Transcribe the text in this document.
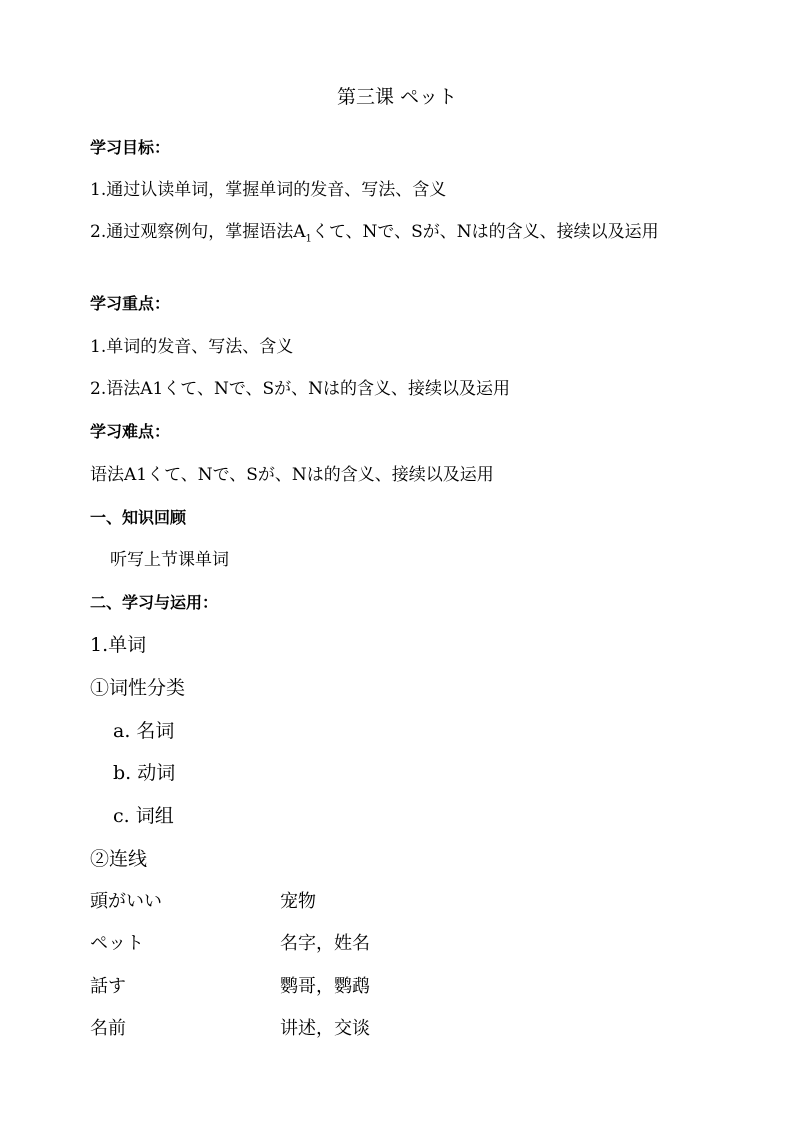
第三课 ペット
学习目标：
1.通过认读单词，掌握单词的发音、写法、含义
2.通过观察例句，掌握语法$A_1$くて、Nで、Sが、Nは的含义、接续以及运用
学习重点：
1.单词的发音、写法、含义
2.语法A1くて、Nで、Sが、Nは的含义、接续以及运用
学习难点：
语法A1くて、Nで、Sが、Nは的含义、接续以及运用
一、知识回顾
听写上节课单词
二、学习与运用：
1.单词
①词性分类
a. 名词
b. 动词
c. 词组
②连线
頭がいい	宠物
ペット	名字，姓名
話す	鹦哥，鹦鹉
名前	讲述，交谈
